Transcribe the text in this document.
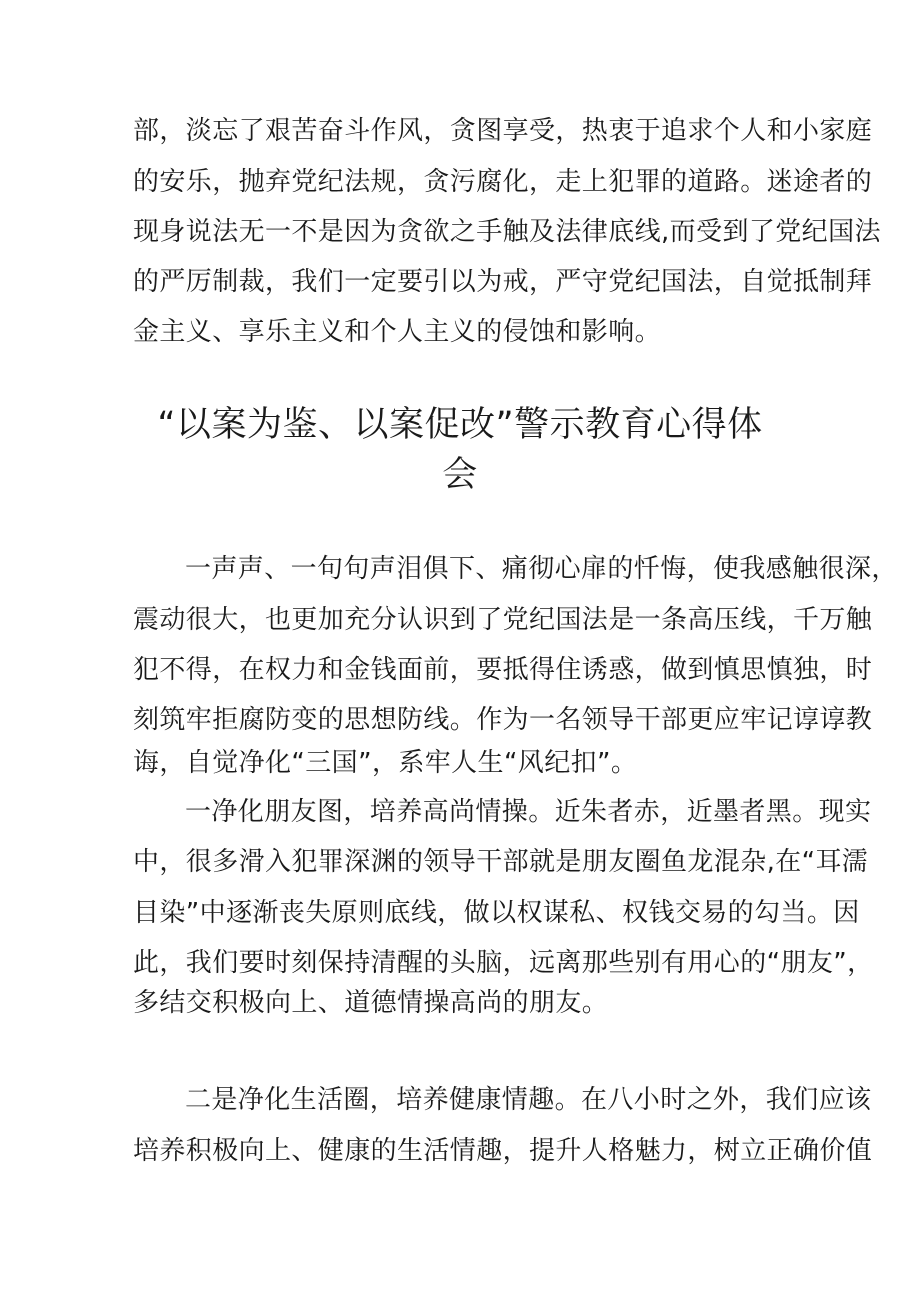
部，淡忘了艰苦奋斗作风，贪图享受，热衷于追求个人和小家庭
的安乐，抛弃党纪法规，贪污腐化，走上犯罪的道路。迷途者的
现身说法无一不是因为贪欲之手触及法律底线,而受到了党纪国法
的严厉制裁，我们一定要引以为戒，严守党纪国法，自觉抵制拜
金主义、享乐主义和个人主义的侵蚀和影响。
“以案为鉴、以案促改”警示教育心得体
会
一声声、一句句声泪俱下、痛彻心扉的忏悔，使我感触很深，
震动很大，也更加充分认识到了党纪国法是一条高压线，千万触
犯不得，在权力和金钱面前，要抵得住诱惑，做到慎思慎独，时
刻筑牢拒腐防变的思想防线。作为一名领导干部更应牢记谆谆教
诲，自觉净化“三国”，系牢人生“风纪扣”。
一净化朋友图，培养高尚情操。近朱者赤，近墨者黑。现实
中，很多滑入犯罪深渊的领导干部就是朋友圈鱼龙混杂,在“耳濡
目染”中逐渐丧失原则底线，做以权谋私、权钱交易的勾当。因
此，我们要时刻保持清醒的头脑，远离那些别有用心的“朋友”，
多结交积极向上、道德情操高尚的朋友。
二是净化生活圈，培养健康情趣。在八小时之外，我们应该
培养积极向上、健康的生活情趣，提升人格魅力，树立正确价值
